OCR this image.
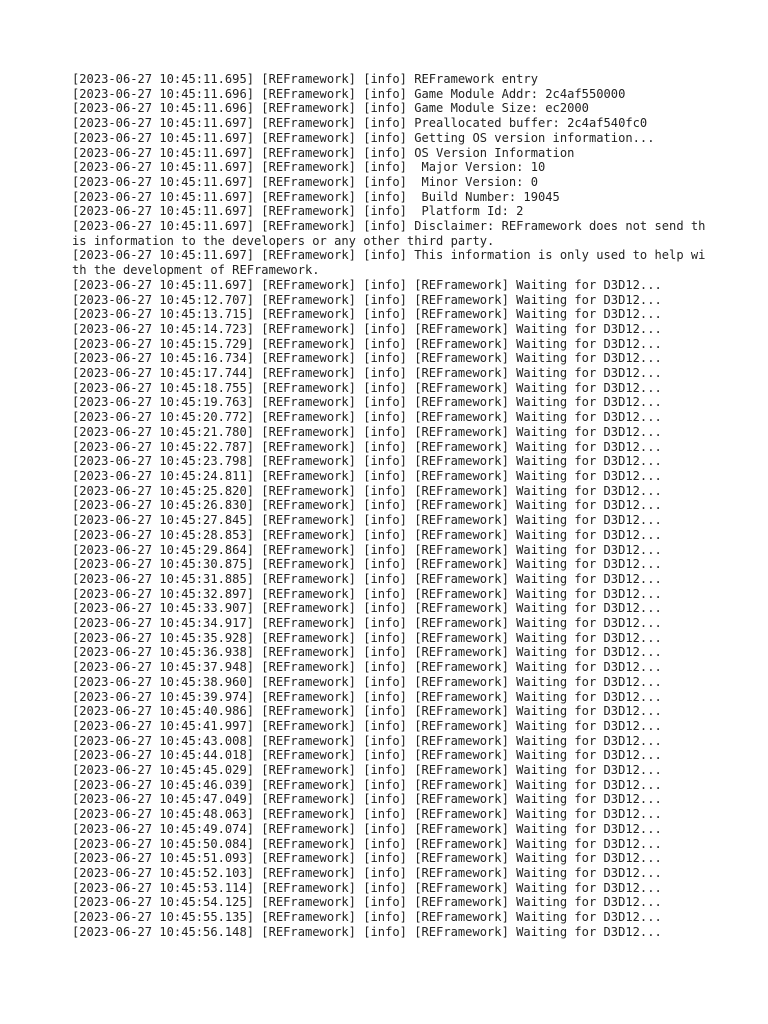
[2023-06-27 10:45:11.695] [REFramework] [info] REFramework entry
[2023-06-27 10:45:11.696] [REFramework] [info] Game Module Addr: 2c4af550000
[2023-06-27 10:45:11.696] [REFramework] [info] Game Module Size: ec2000
[2023-06-27 10:45:11.697] [REFramework] [info] Preallocated buffer: 2c4af540fc0
[2023-06-27 10:45:11.697] [REFramework] [info] Getting OS version information...
[2023-06-27 10:45:11.697] [REFramework] [info] OS Version Information
[2023-06-27 10:45:11.697] [REFramework] [info]  Major Version: 10
[2023-06-27 10:45:11.697] [REFramework] [info]  Minor Version: 0
[2023-06-27 10:45:11.697] [REFramework] [info]  Build Number: 19045
[2023-06-27 10:45:11.697] [REFramework] [info]  Platform Id: 2
[2023-06-27 10:45:11.697] [REFramework] [info] Disclaimer: REFramework does not send this information to the developers or any other third party.
[2023-06-27 10:45:11.697] [REFramework] [info] This information is only used to help with the development of REFramework.
[2023-06-27 10:45:11.697] [REFramework] [info] [REFramework] Waiting for D3D12...
[2023-06-27 10:45:12.707] [REFramework] [info] [REFramework] Waiting for D3D12...
[2023-06-27 10:45:13.715] [REFramework] [info] [REFramework] Waiting for D3D12...
[2023-06-27 10:45:14.723] [REFramework] [info] [REFramework] Waiting for D3D12...
[2023-06-27 10:45:15.729] [REFramework] [info] [REFramework] Waiting for D3D12...
[2023-06-27 10:45:16.734] [REFramework] [info] [REFramework] Waiting for D3D12...
[2023-06-27 10:45:17.744] [REFramework] [info] [REFramework] Waiting for D3D12...
[2023-06-27 10:45:18.755] [REFramework] [info] [REFramework] Waiting for D3D12...
[2023-06-27 10:45:19.763] [REFramework] [info] [REFramework] Waiting for D3D12...
[2023-06-27 10:45:20.772] [REFramework] [info] [REFramework] Waiting for D3D12...
[2023-06-27 10:45:21.780] [REFramework] [info] [REFramework] Waiting for D3D12...
[2023-06-27 10:45:22.787] [REFramework] [info] [REFramework] Waiting for D3D12...
[2023-06-27 10:45:23.798] [REFramework] [info] [REFramework] Waiting for D3D12...
[2023-06-27 10:45:24.811] [REFramework] [info] [REFramework] Waiting for D3D12...
[2023-06-27 10:45:25.820] [REFramework] [info] [REFramework] Waiting for D3D12...
[2023-06-27 10:45:26.830] [REFramework] [info] [REFramework] Waiting for D3D12...
[2023-06-27 10:45:27.845] [REFramework] [info] [REFramework] Waiting for D3D12...
[2023-06-27 10:45:28.853] [REFramework] [info] [REFramework] Waiting for D3D12...
[2023-06-27 10:45:29.864] [REFramework] [info] [REFramework] Waiting for D3D12...
[2023-06-27 10:45:30.875] [REFramework] [info] [REFramework] Waiting for D3D12...
[2023-06-27 10:45:31.885] [REFramework] [info] [REFramework] Waiting for D3D12...
[2023-06-27 10:45:32.897] [REFramework] [info] [REFramework] Waiting for D3D12...
[2023-06-27 10:45:33.907] [REFramework] [info] [REFramework] Waiting for D3D12...
[2023-06-27 10:45:34.917] [REFramework] [info] [REFramework] Waiting for D3D12...
[2023-06-27 10:45:35.928] [REFramework] [info] [REFramework] Waiting for D3D12...
[2023-06-27 10:45:36.938] [REFramework] [info] [REFramework] Waiting for D3D12...
[2023-06-27 10:45:37.948] [REFramework] [info] [REFramework] Waiting for D3D12...
[2023-06-27 10:45:38.960] [REFramework] [info] [REFramework] Waiting for D3D12...
[2023-06-27 10:45:39.974] [REFramework] [info] [REFramework] Waiting for D3D12...
[2023-06-27 10:45:40.986] [REFramework] [info] [REFramework] Waiting for D3D12...
[2023-06-27 10:45:41.997] [REFramework] [info] [REFramework] Waiting for D3D12...
[2023-06-27 10:45:43.008] [REFramework] [info] [REFramework] Waiting for D3D12...
[2023-06-27 10:45:44.018] [REFramework] [info] [REFramework] Waiting for D3D12...
[2023-06-27 10:45:45.029] [REFramework] [info] [REFramework] Waiting for D3D12...
[2023-06-27 10:45:46.039] [REFramework] [info] [REFramework] Waiting for D3D12...
[2023-06-27 10:45:47.049] [REFramework] [info] [REFramework] Waiting for D3D12...
[2023-06-27 10:45:48.063] [REFramework] [info] [REFramework] Waiting for D3D12...
[2023-06-27 10:45:49.074] [REFramework] [info] [REFramework] Waiting for D3D12...
[2023-06-27 10:45:50.084] [REFramework] [info] [REFramework] Waiting for D3D12...
[2023-06-27 10:45:51.093] [REFramework] [info] [REFramework] Waiting for D3D12...
[2023-06-27 10:45:52.103] [REFramework] [info] [REFramework] Waiting for D3D12...
[2023-06-27 10:45:53.114] [REFramework] [info] [REFramework] Waiting for D3D12...
[2023-06-27 10:45:54.125] [REFramework] [info] [REFramework] Waiting for D3D12...
[2023-06-27 10:45:55.135] [REFramework] [info] [REFramework] Waiting for D3D12...
[2023-06-27 10:45:56.148] [REFramework] [info] [REFramework] Waiting for D3D12...
